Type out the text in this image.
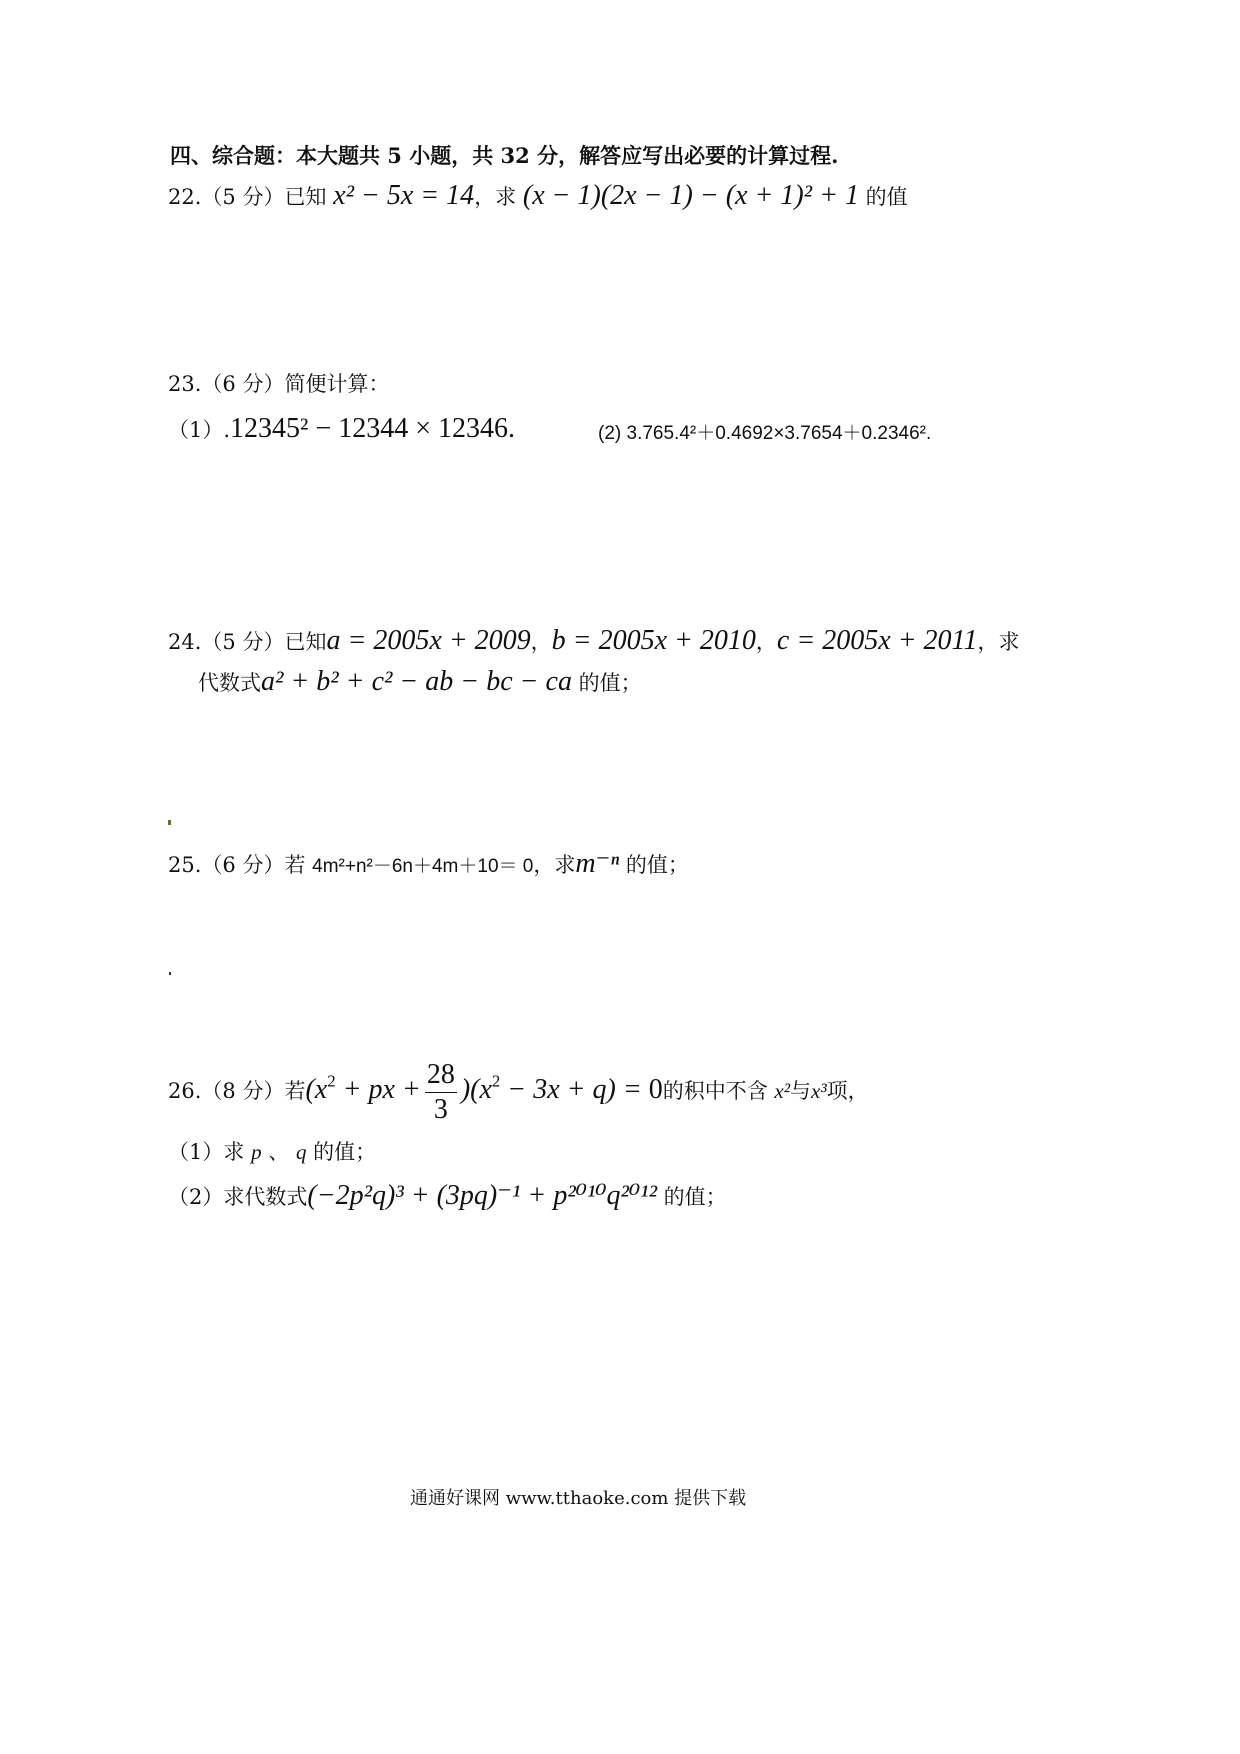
四、综合题：本大题共 5 小题，共 32 分，解答应写出必要的计算过程.
22.（5 分）已知 x² − 5x = 14，求 (x − 1)(2x − 1) − (x + 1)² + 1 的值
23.（6 分）简便计算：
（1）.12345² − 12344 × 12346.	(2) 3.765.4²＋0.4692×3.7654＋0.2346².
24.（5 分）已知a = 2005x + 2009，b = 2005x + 2010，c = 2005x + 2011，求
代数式a² + b² + c² − ab − bc − ca 的值；
25.（6 分）若 4m²+n²－6n＋4m＋10＝ 0，求m⁻ⁿ 的值；
26.（8 分）若($x^2$ + px + $\frac{28}{3} )(x^2 - 3x + q) = 0$的积中不含 x²与x³项，
（1）求 p 、 q 的值；
（2）求代数式(−2p²q)³ + (3pq)⁻¹ + p²⁰¹⁰q²⁰¹² 的值；
通通好课网 www.tthaoke.com 提供下载
